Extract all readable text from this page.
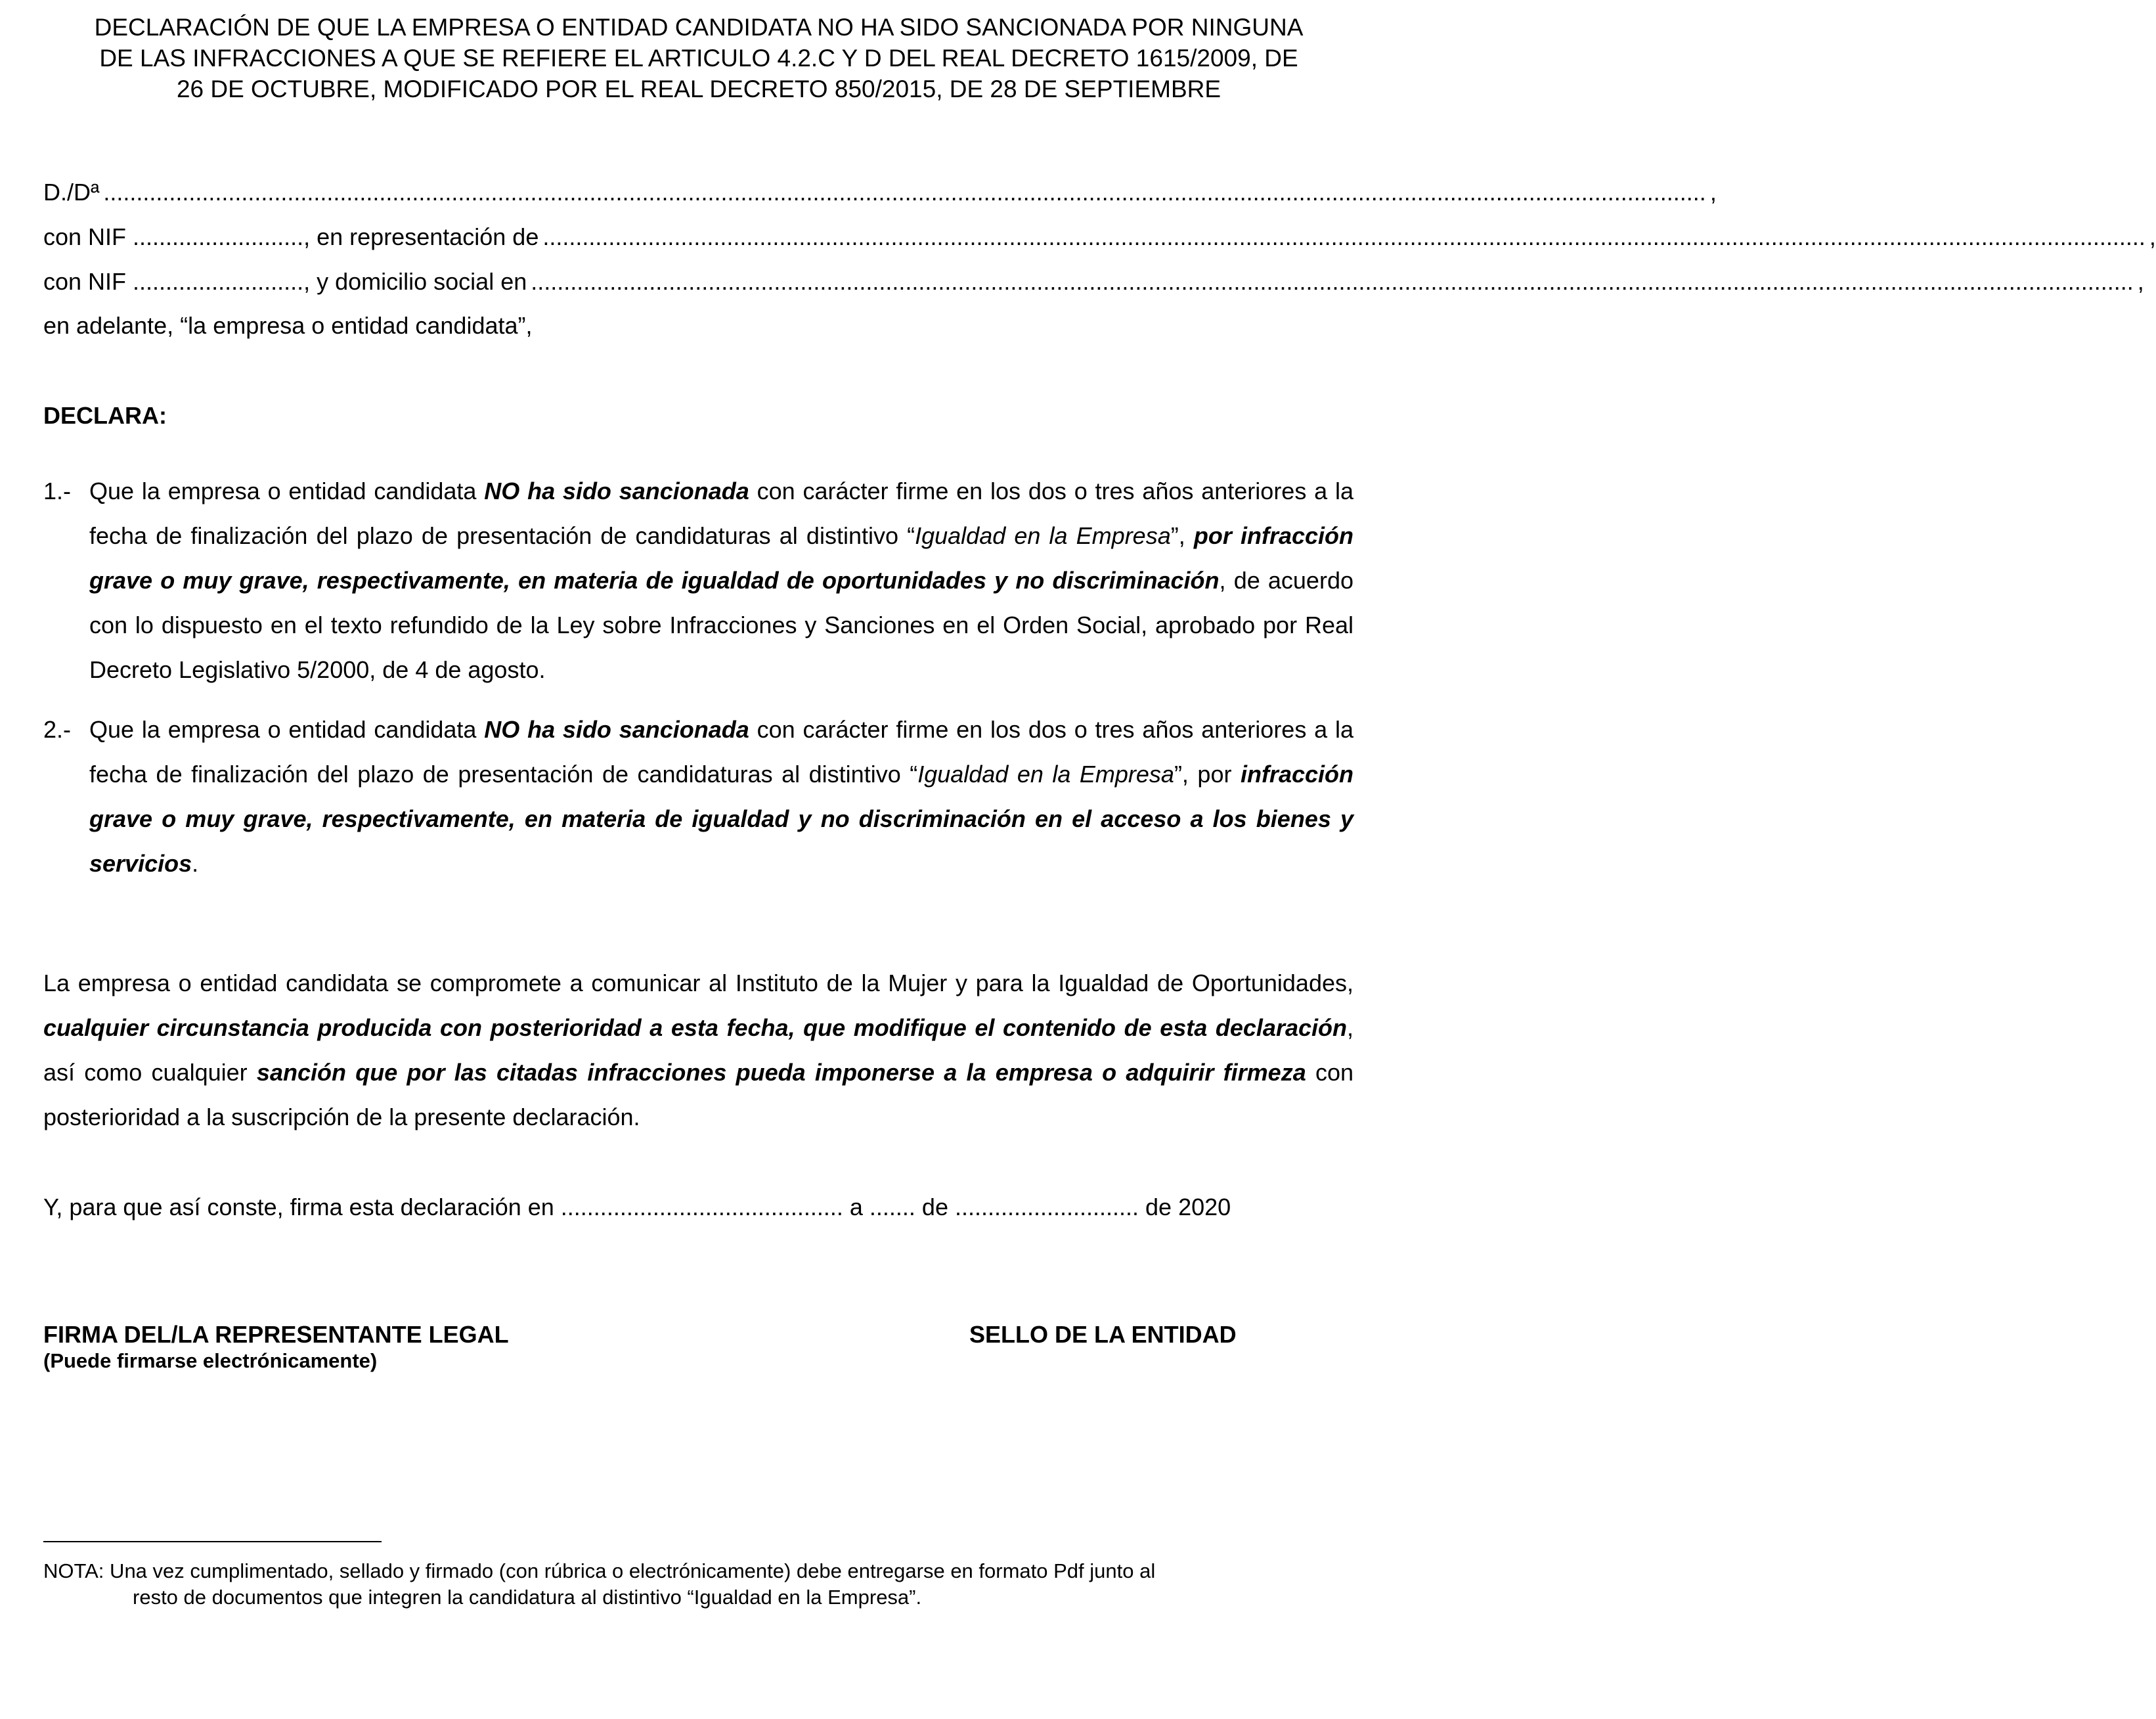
DECLARACIÓN DE QUE LA EMPRESA O ENTIDAD CANDIDATA NO HA SIDO SANCIONADA POR NINGUNA
DE LAS INFRACCIONES A QUE SE REFIERE EL ARTICULO 4.2.C Y D DEL REAL DECRETO 1615/2009, DE
26 DE OCTUBRE, MODIFICADO POR EL REAL DECRETO 850/2015, DE 28 DE SEPTIEMBRE
D./Dª .................................................................................................................................................................................................................................................... ,
con NIF .......................... , en representación de .................................................................................................................................................................................................................................................... ,
con NIF .......................... , y domicilio social en .................................................................................................................................................................................................................................................... ,
en adelante, “la empresa o entidad candidata”,
DECLARA:
1.- Que la empresa o entidad candidata NO ha sido sancionada con carácter firme en los dos o tres años anteriores a la fecha de finalización del plazo de presentación de candidaturas al distintivo “Igualdad en la Empresa”, por infracción grave o muy grave, respectivamente, en materia de igualdad de oportunidades y no discriminación, de acuerdo con lo dispuesto en el texto refundido de la Ley sobre Infracciones y Sanciones en el Orden Social, aprobado por Real Decreto Legislativo 5/2000, de 4 de agosto.

2.- Que la empresa o entidad candidata NO ha sido sancionada con carácter firme en los dos o tres años anteriores a la fecha de finalización del plazo de presentación de candidaturas al distintivo “Igualdad en la Empresa”, por infracción grave o muy grave, respectivamente, en materia de igualdad y no discriminación en el acceso a los bienes y servicios.

La empresa o entidad candidata se compromete a comunicar al Instituto de la Mujer y para la Igualdad de Oportunidades, cualquier circunstancia producida con posterioridad a esta fecha, que modifique el contenido de esta declaración, así como cualquier sanción que por las citadas infracciones pueda imponerse a la empresa o adquirir firmeza con posterioridad a la suscripción de la presente declaración.

Y, para que así conste, firma esta declaración en ........................................... a ....... de ............................ de 2020
FIRMA DEL/LA REPRESENTANTE LEGAL
(Puede firmarse electrónicamente)
SELLO DE LA ENTIDAD
NOTA: Una vez cumplimentado, sellado y firmado (con rúbrica o electrónicamente) debe entregarse en formato Pdf junto al
resto de documentos que integren la candidatura al distintivo “Igualdad en la Empresa”.
